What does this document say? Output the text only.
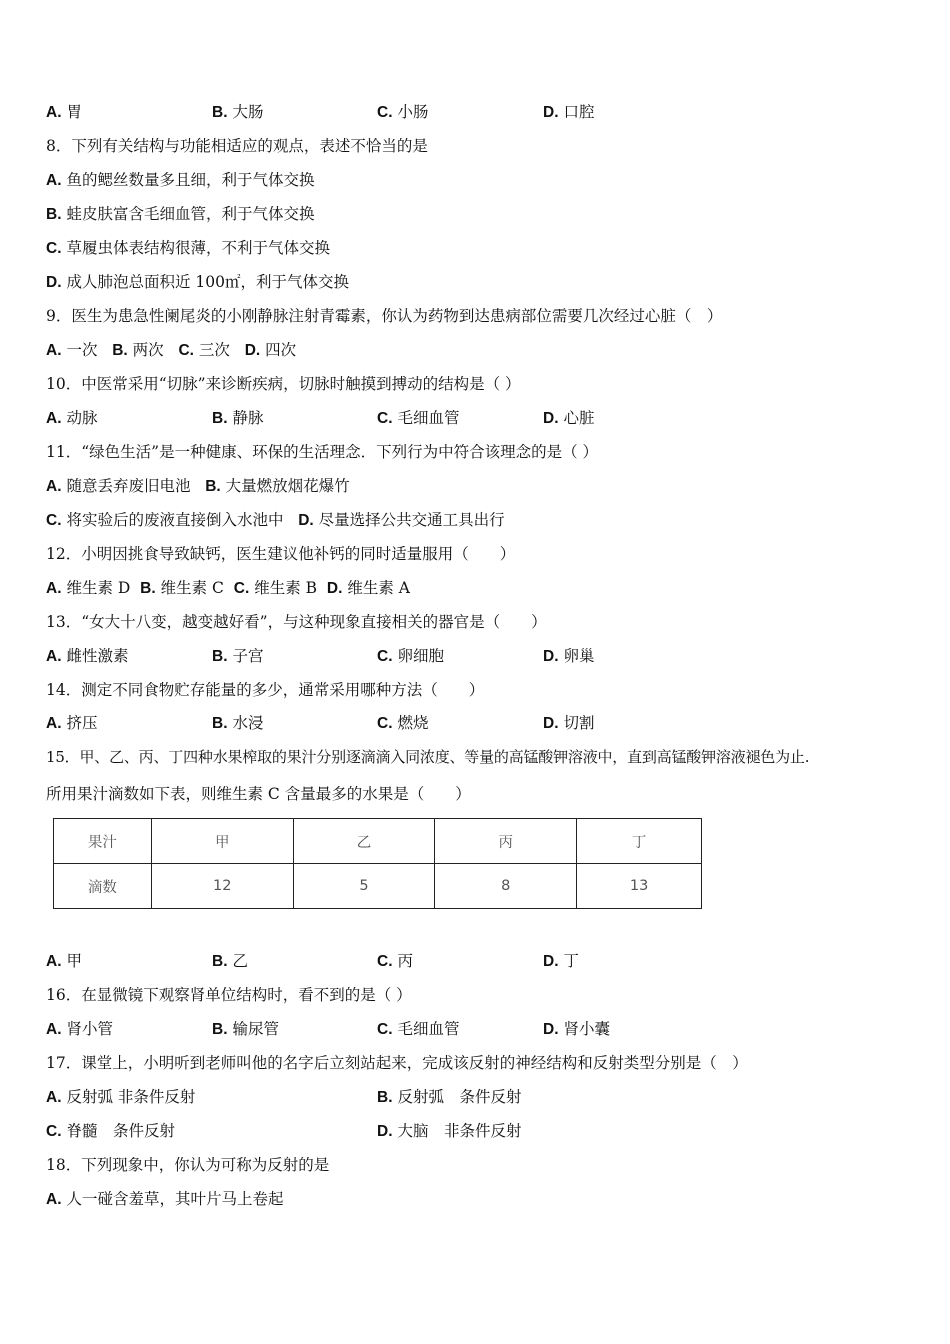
A. 胃	B. 大肠	C. 小肠	D. 口腔
8．下列有关结构与功能相适应的观点，表述不恰当的是
A. 鱼的鳃丝数量多且细，利于气体交换
B. 蛙皮肤富含毛细血管，利于气体交换
C. 草履虫体表结构很薄，不利于气体交换
D. 成人肺泡总面积近 100㎡，利于气体交换
9．医生为患急性阑尾炎的小刚静脉注射青霉素，你认为药物到达患病部位需要几次经过心脏（　）
A. 一次 B. 两次 C. 三次 D. 四次
10．中医常采用“切脉”来诊断疾病，切脉时触摸到搏动的结构是（ ）
A. 动脉	B. 静脉	C. 毛细血管	D. 心脏
11．“绿色生活”是一种健康、环保的生活理念．下列行为中符合该理念的是（ ）
A. 随意丢弃废旧电池 B. 大量燃放烟花爆竹
C. 将实验后的废液直接倒入水池中 D. 尽量选择公共交通工具出行
12．小明因挑食导致缺钙，医生建议他补钙的同时适量服用（　　）
A. 维生素 D B. 维生素 C C. 维生素 B D. 维生素 A
13．“女大十八变，越变越好看”，与这种现象直接相关的器官是（　　）
A. 雌性激素	B. 子宫	C. 卵细胞	D. 卵巢
14．测定不同食物贮存能量的多少，通常采用哪种方法（　　）
A. 挤压	B. 水浸	C. 燃烧	D. 切割
15．甲、乙、丙、丁四种水果榨取的果汁分别逐滴滴入同浓度、等量的高锰酸钾溶液中，直到高锰酸钾溶液褪色为止.
所用果汁滴数如下表，则维生素 C 含量最多的水果是（　　）
果汁	甲	乙	丙	丁
滴数	12	5	8	13
A. 甲	B. 乙	C. 丙	D. 丁
16．在显微镜下观察肾单位结构时，看不到的是（ ）
A. 肾小管	B. 输尿管	C. 毛细血管	D. 肾小囊
17．课堂上，小明听到老师叫他的名字后立刻站起来，完成该反射的神经结构和反射类型分别是（　）
A. 反射弧 非条件反射	B. 反射弧　条件反射
C. 脊髓　条件反射	D. 大脑　非条件反射
18．下列现象中，你认为可称为反射的是
A. 人一碰含羞草，其叶片马上卷起
